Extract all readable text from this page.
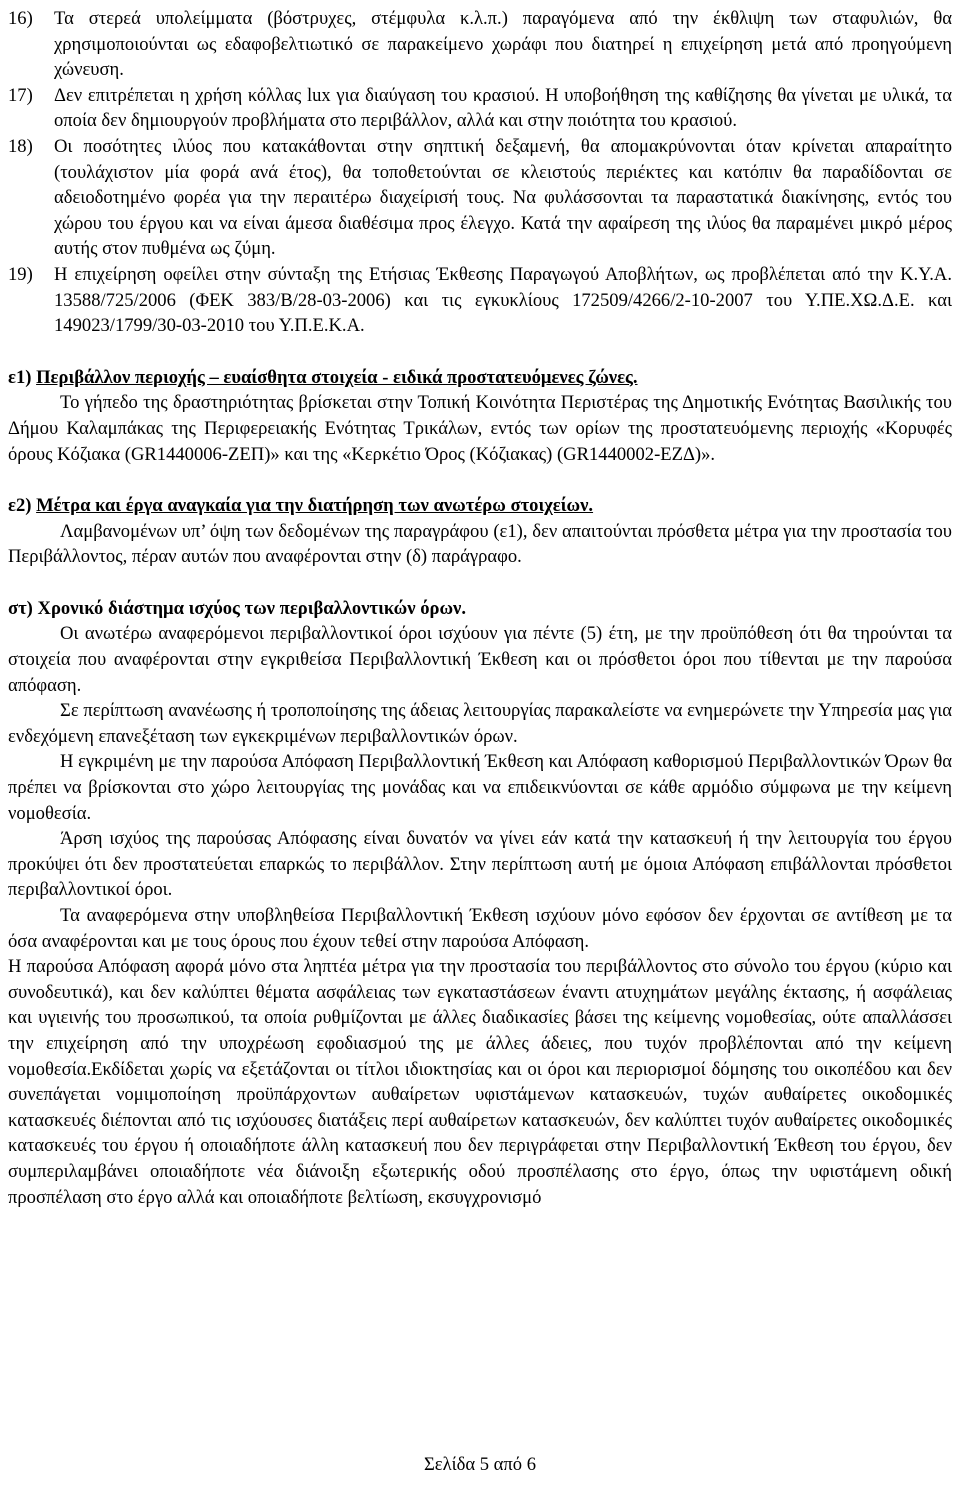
16)	Τα στερεά υπολείμματα (βόστρυχες, στέμφυλα κ.λ.π.) παραγόμενα από την έκθλιψη των σταφυλιών, θα χρησιμοποιούνται ως εδαφοβελτιωτικό σε παρακείμενο χωράφι που διατηρεί η επιχείρηση μετά από προηγούμενη χώνευση.
17)	Δεν επιτρέπεται η χρήση κόλλας lux για διαύγαση του κρασιού. Η υποβοήθηση της καθίζησης θα γίνεται με υλικά, τα οποία δεν δημιουργούν προβλήματα στο περιβάλλον, αλλά και στην ποιότητα του κρασιού.
18)	Οι ποσότητες ιλύος που κατακάθονται στην σηπτική δεξαμενή, θα απομακρύνονται όταν κρίνεται απαραίτητο (τουλάχιστον μία φορά ανά έτος), θα τοποθετούνται σε κλειστούς περιέκτες και κατόπιν θα παραδίδονται σε αδειοδοτημένο φορέα για την περαιτέρω διαχείρισή τους. Να φυλάσσονται τα παραστατικά διακίνησης, εντός του χώρου του έργου και να είναι άμεσα διαθέσιμα προς έλεγχο. Κατά την αφαίρεση της ιλύος θα παραμένει μικρό μέρος αυτής στον πυθμένα ως ζύμη.
19)	Η επιχείρηση οφείλει στην σύνταξη της Ετήσιας Έκθεσης Παραγωγού Αποβλήτων, ως προβλέπεται από την Κ.Υ.Α. 13588/725/2006 (ΦΕΚ 383/Β/28-03-2006) και τις εγκυκλίους 172509/4266/2-10-2007 του Υ.ΠΕ.ΧΩ.Δ.Ε. και 149023/1799/30-03-2010 του Υ.Π.Ε.Κ.Α.

ε1) Περιβάλλον περιοχής – ευαίσθητα στοιχεία - ειδικά προστατευόμενες ζώνες.

Το γήπεδο της δραστηριότητας βρίσκεται στην Τοπική Κοινότητα Περιστέρας της Δημοτικής Ενότητας Βασιλικής του Δήμου Καλαμπάκας της Περιφερειακής Ενότητας Τρικάλων, εντός των ορίων της προστατευόμενης περιοχής «Κορυφές όρους Κόζιακα (GR1440006-ΖΕΠ)» και της «Κερκέτιο Όρος (Κόζιακας) (GR1440002-ΕΖΔ)».

ε2) Μέτρα και έργα αναγκαία για την διατήρηση των ανωτέρω στοιχείων.

Λαμβανομένων υπ’ όψη των δεδομένων της παραγράφου (ε1), δεν απαιτούνται πρόσθετα μέτρα για την προστασία του Περιβάλλοντος, πέραν αυτών που αναφέρονται στην (δ) παράγραφο.

στ) Χρονικό διάστημα ισχύος των περιβαλλοντικών όρων.

Οι ανωτέρω αναφερόμενοι περιβαλλοντικοί όροι ισχύουν για πέντε (5) έτη, με την προϋπόθεση ότι θα τηρούνται τα στοιχεία που αναφέρονται στην εγκριθείσα Περιβαλλοντική Έκθεση και οι πρόσθετοι όροι που τίθενται με την παρούσα απόφαση.

Σε περίπτωση ανανέωσης ή τροποποίησης της άδειας λειτουργίας παρακαλείστε να ενημερώνετε την Υπηρεσία μας για ενδεχόμενη επανεξέταση των εγκεκριμένων περιβαλλοντικών όρων.

Η εγκριμένη με την παρούσα Απόφαση Περιβαλλοντική Έκθεση και Απόφαση καθορισμού Περιβαλλοντικών Όρων θα πρέπει να βρίσκονται στο χώρο λειτουργίας της μονάδας και να επιδεικνύονται σε κάθε αρμόδιο σύμφωνα με την κείμενη νομοθεσία.

Άρση ισχύος της παρούσας Απόφασης είναι δυνατόν να γίνει εάν κατά την κατασκευή ή την λειτουργία του έργου προκύψει ότι δεν προστατεύεται επαρκώς το περιβάλλον. Στην περίπτωση αυτή με όμοια Απόφαση επιβάλλονται πρόσθετοι περιβαλλοντικοί όροι.

Τα αναφερόμενα στην υποβληθείσα Περιβαλλοντική Έκθεση ισχύουν μόνο εφόσον δεν έρχονται σε αντίθεση με τα όσα αναφέρονται και με τους όρους που έχουν τεθεί στην παρούσα Απόφαση.

Η παρούσα Απόφαση αφορά μόνο στα ληπτέα μέτρα για την προστασία του περιβάλλοντος στο σύνολο του έργου (κύριο και συνοδευτικά), και δεν καλύπτει θέματα ασφάλειας των εγκαταστάσεων έναντι ατυχημάτων μεγάλης έκτασης, ή ασφάλειας και υγιεινής του προσωπικού, τα οποία ρυθμίζονται με άλλες διαδικασίες βάσει της κείμενης νομοθεσίας, ούτε απαλλάσσει την επιχείρηση από την υποχρέωση εφοδιασμού της με άλλες άδειες, που τυχόν προβλέπονται από την κείμενη νομοθεσία.Εκδίδεται χωρίς να εξετάζονται οι τίτλοι ιδιοκτησίας και οι όροι και περιορισμοί δόμησης του οικοπέδου και δεν συνεπάγεται νομιμοποίηση προϋπάρχοντων αυθαίρετων υφιστάμενων κατασκευών, τυχών αυθαίρετες οικοδομικές κατασκευές διέπονται από τις ισχύουσες διατάξεις περί αυθαίρετων κατασκευών, δεν καλύπτει τυχόν αυθαίρετες οικοδομικές κατασκευές του έργου ή οποιαδήποτε άλλη κατασκευή που δεν περιγράφεται στην Περιβαλλοντική Έκθεση του έργου, δεν συμπεριλαμβάνει οποιαδήποτε νέα διάνοιξη εξωτερικής οδού προσπέλασης στο έργο, όπως την υφιστάμενη οδική προσπέλαση στο έργο αλλά και οποιαδήποτε βελτίωση, εκσυγχρονισμό

Σελίδα 5 από 6
